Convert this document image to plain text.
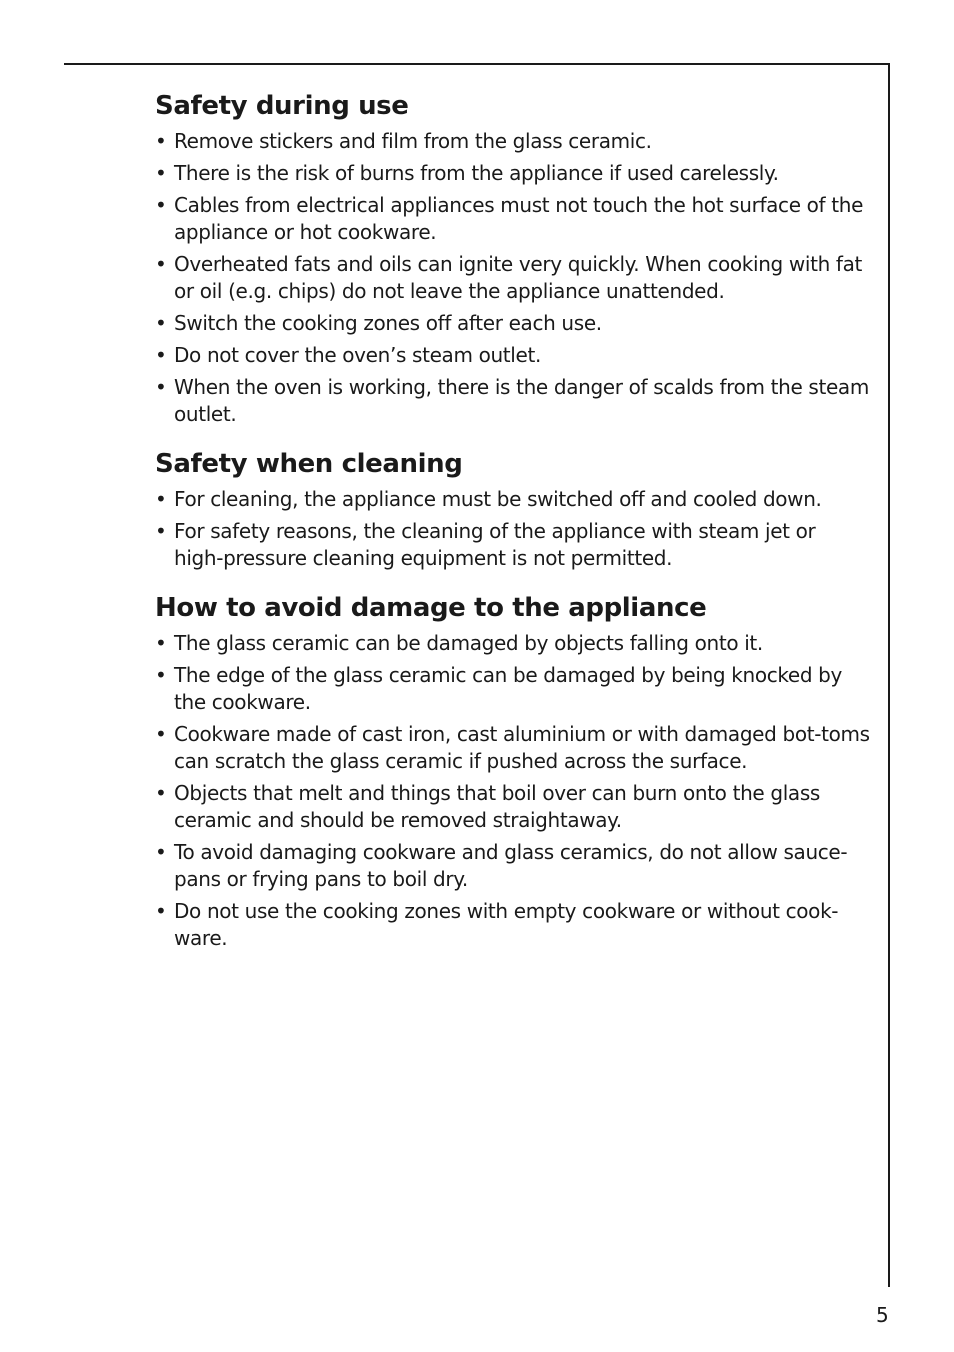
Safety during use
• Remove stickers and film from the glass ceramic.
• There is the risk of burns from the appliance if used carelessly.
• Cables from electrical appliances must not touch the hot surface of the appliance or hot cookware.
• Overheated fats and oils can ignite very quickly. When cooking with fat or oil (e.g. chips) do not leave the appliance unattended.
• Switch the cooking zones off after each use.
• Do not cover the oven’s steam outlet.
• When the oven is working, there is the danger of scalds from the steam outlet.
Safety when cleaning
• For cleaning, the appliance must be switched off and cooled down.
• For safety reasons, the cleaning of the appliance with steam jet or high-pressure cleaning equipment is not permitted.
How to avoid damage to the appliance
• The glass ceramic can be damaged by objects falling onto it.
• The edge of the glass ceramic can be damaged by being knocked by the cookware.
• Cookware made of cast iron, cast aluminium or with damaged bot-toms can scratch the glass ceramic if pushed across the surface.
• Objects that melt and things that boil over can burn onto the glass ceramic and should be removed straightaway.
• To avoid damaging cookware and glass ceramics, do not allow sauce-pans or frying pans to boil dry.
• Do not use the cooking zones with empty cookware or without cook-ware.
5
